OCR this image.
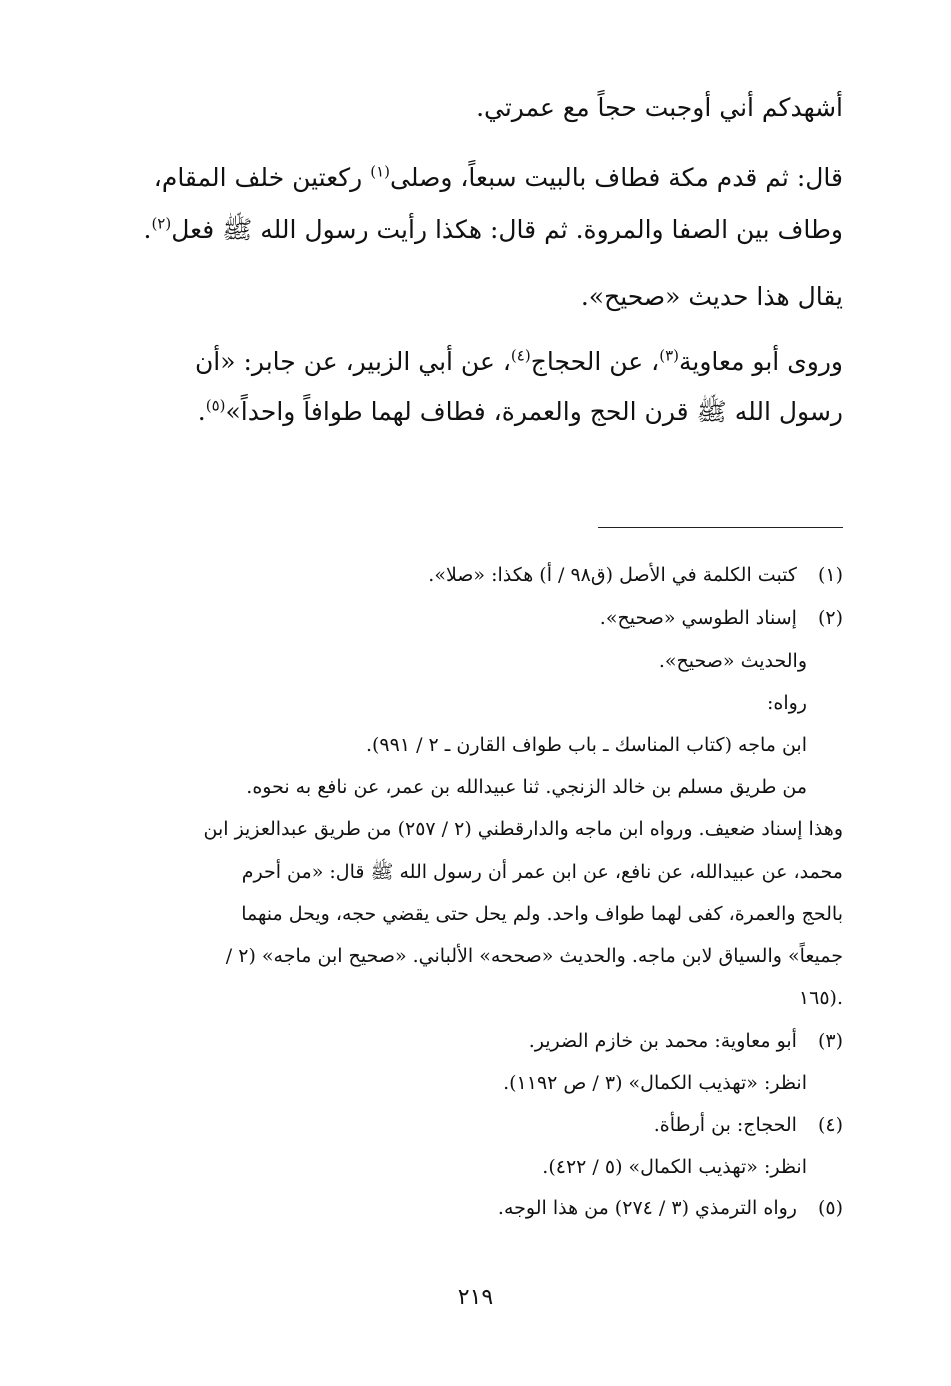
أشهدكم أني أوجبت حجاً مع عمرتي.
قال: ثم قدم مكة فطاف بالبيت سبعاً، وصلى$^{(١)}$ ركعتين خلف المقام،
وطاف بين الصفا والمروة. ثم قال: هكذا رأيت رسول الله ﷺ فعل$^{(٢)}$.
يقال هذا حديث «صحيح».
وروى أبو معاوية$^{(٣)}$، عن الحجاج$^{(٤)}$، عن أبي الزبير، عن جابر: «أن
رسول الله ﷺ قرن الحج والعمرة، فطاف لهما طوافاً واحداً»$^{(٥)}$.
(١) كتبت الكلمة في الأصل (ق٩٨ / أ) هكذا: «صلا».
(٢) إسناد الطوسي «صحيح».
والحديث «صحيح».
رواه:
ابن ماجه (كتاب المناسك ـ باب طواف القارن ـ ٢ / ٩٩١).
من طريق مسلم بن خالد الزنجي. ثنا عبيدالله بن عمر، عن نافع به نحوه.
وهذا إسناد ضعيف. ورواه ابن ماجه والدارقطني (٢ / ٢٥٧) من طريق عبدالعزيز ابن
محمد، عن عبيدالله، عن نافع، عن ابن عمر أن رسول الله ﷺ قال: «من أحرم
بالحج والعمرة، كفى لهما طواف واحد. ولم يحل حتى يقضي حجه، ويحل منهما
جميعاً» والسياق لابن ماجه. والحديث «صححه» الألباني. «صحيح ابن ماجه» (٢ /
١٦٥).
(٣) أبو معاوية: محمد بن خازم الضرير.
انظر: «تهذيب الكمال» (٣ / ص ١١٩٢).
(٤) الحجاج: بن أرطأة.
انظر: «تهذيب الكمال» (٥ / ٤٢٢).
(٥) رواه الترمذي (٣ / ٢٧٤) من هذا الوجه.
٢١٩
